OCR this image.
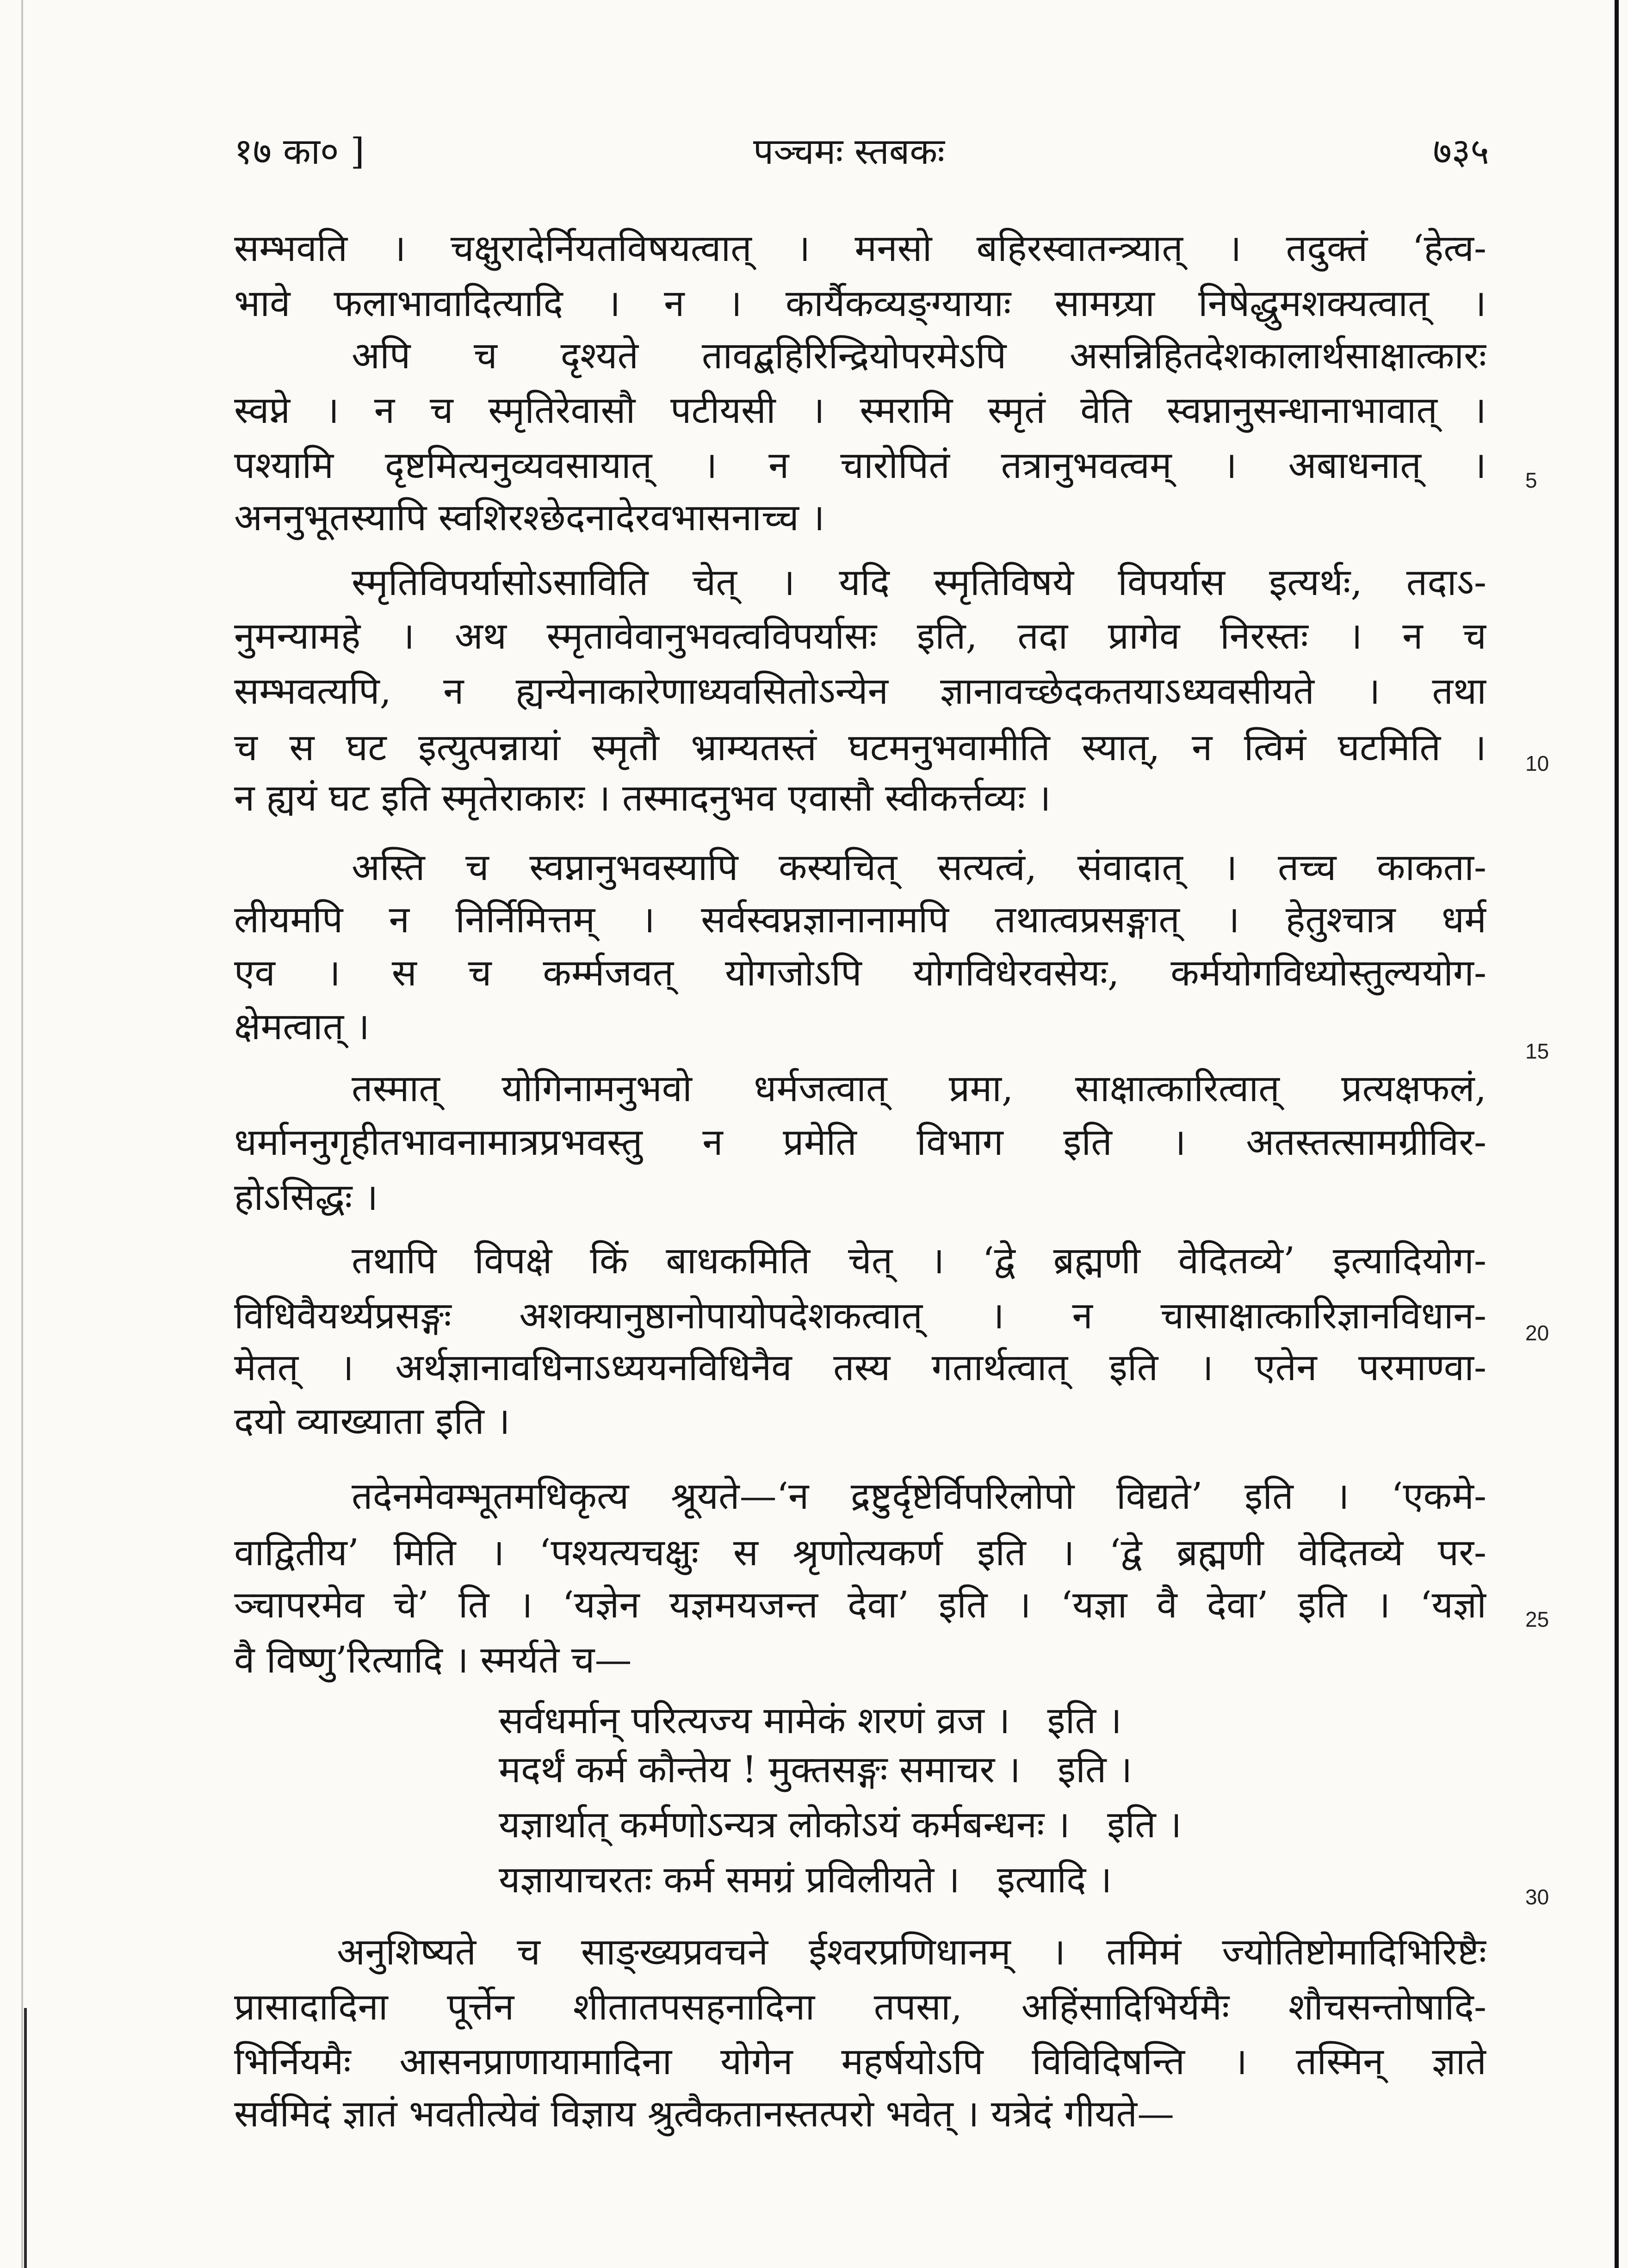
१७ का० ]	पञ्चमः स्तबकः	७३५
सम्भवति । चक्षुरादेर्नियतविषयत्वात् । मनसो बहिरस्वातन्त्र्यात् । तदुक्तं ‘हेत्व-
भावे फलाभावादित्यादि । न । कार्यैकव्यङ्ग्यायाः सामग्र्या निषेद्धुमशक्यत्वात् ।
अपि च दृश्यते तावद्बहिरिन्द्रियोपरमेऽपि असन्निहितदेशकालार्थसाक्षात्कारः
स्वप्ने । न च स्मृतिरेवासौ पटीयसी । स्मरामि स्मृतं वेति स्वप्नानुसन्धानाभावात् ।
पश्यामि दृष्टमित्यनुव्यवसायात् । न चारोपितं तत्रानुभवत्वम् । अबाधनात् ।
अननुभूतस्यापि स्वशिरश्छेदनादेरवभासनाच्च ।
स्मृतिविपर्यासोऽसाविति चेत् । यदि स्मृतिविषये विपर्यास इत्यर्थः, तदाऽ-
नुमन्यामहे । अथ स्मृतावेवानुभवत्वविपर्यासः इति, तदा प्रागेव निरस्तः । न च
सम्भवत्यपि, न ह्यन्येनाकारेणाध्यवसितोऽन्येन ज्ञानावच्छेदकतयाऽध्यवसीयते । तथा
च स घट इत्युत्पन्नायां स्मृतौ भ्राम्यतस्तं घटमनुभवामीति स्यात्, न त्विमं घटमिति ।
न ह्ययं घट इति स्मृतेराकारः । तस्मादनुभव एवासौ स्वीकर्त्तव्यः ।
अस्ति च स्वप्नानुभवस्यापि कस्यचित् सत्यत्वं, संवादात् । तच्च काकता-
लीयमपि न निर्निमित्तम् । सर्वस्वप्नज्ञानानामपि तथात्वप्रसङ्गात् । हेतुश्चात्र धर्म
एव । स च कर्म्मजवत् योगजोऽपि योगविधेरवसेयः, कर्मयोगविध्योस्तुल्ययोग-
क्षेमत्वात् ।
तस्मात् योगिनामनुभवो धर्मजत्वात् प्रमा, साक्षात्कारित्वात् प्रत्यक्षफलं,
धर्माननुगृहीतभावनामात्रप्रभवस्तु न प्रमेति विभाग इति । अतस्तत्सामग्रीविर-
होऽसिद्धः ।
तथापि विपक्षे किं बाधकमिति चेत् । ‘द्वे ब्रह्मणी वेदितव्ये’ इत्यादियोग-
विधिवैयर्थ्यप्रसङ्गः अशक्यानुष्ठानोपायोपदेशकत्वात् । न चासाक्षात्कारिज्ञानविधान-
मेतत् । अर्थज्ञानावधिनाऽध्ययनविधिनैव तस्य गतार्थत्वात् इति । एतेन परमाण्वा-
दयो व्याख्याता इति ।
तदेनमेवम्भूतमधिकृत्य श्रूयते—‘न द्रष्टुर्दृष्टेर्विपरिलोपो विद्यते’ इति । ‘एकमे-
वाद्वितीय’ मिति । ‘पश्यत्यचक्षुः स श्रृणोत्यकर्ण इति । ‘द्वे ब्रह्मणी वेदितव्ये पर-
ञ्चापरमेव चे’ ति । ‘यज्ञेन यज्ञमयजन्त देवा’ इति । ‘यज्ञा वै देवा’ इति । ‘यज्ञो
वै विष्णु’रित्यादि । स्मर्यते च—
सर्वधर्मान् परित्यज्य मामेकं शरणं व्रज । इति ।
मदर्थं कर्म कौन्तेय ! मुक्तसङ्गः समाचर । इति ।
यज्ञार्थात् कर्मणोऽन्यत्र लोकोऽयं कर्मबन्धनः । इति ।
यज्ञायाचरतः कर्म समग्रं प्रविलीयते । इत्यादि ।
अनुशिष्यते च साङ्ख्यप्रवचने ईश्वरप्रणिधानम् । तमिमं ज्योतिष्टोमादिभिरिष्टैः
प्रासादादिना पूर्त्तेन शीतातपसहनादिना तपसा, अहिंसादिभिर्यमैः शौचसन्तोषादि-
भिर्नियमैः आसनप्राणायामादिना योगेन महर्षयोऽपि विविदिषन्ति । तस्मिन् ज्ञाते
सर्वमिदं ज्ञातं भवतीत्येवं विज्ञाय श्रुत्वैकतानस्तत्परो भवेत् । यत्रेदं गीयते—
5
10
15
20
25
30
